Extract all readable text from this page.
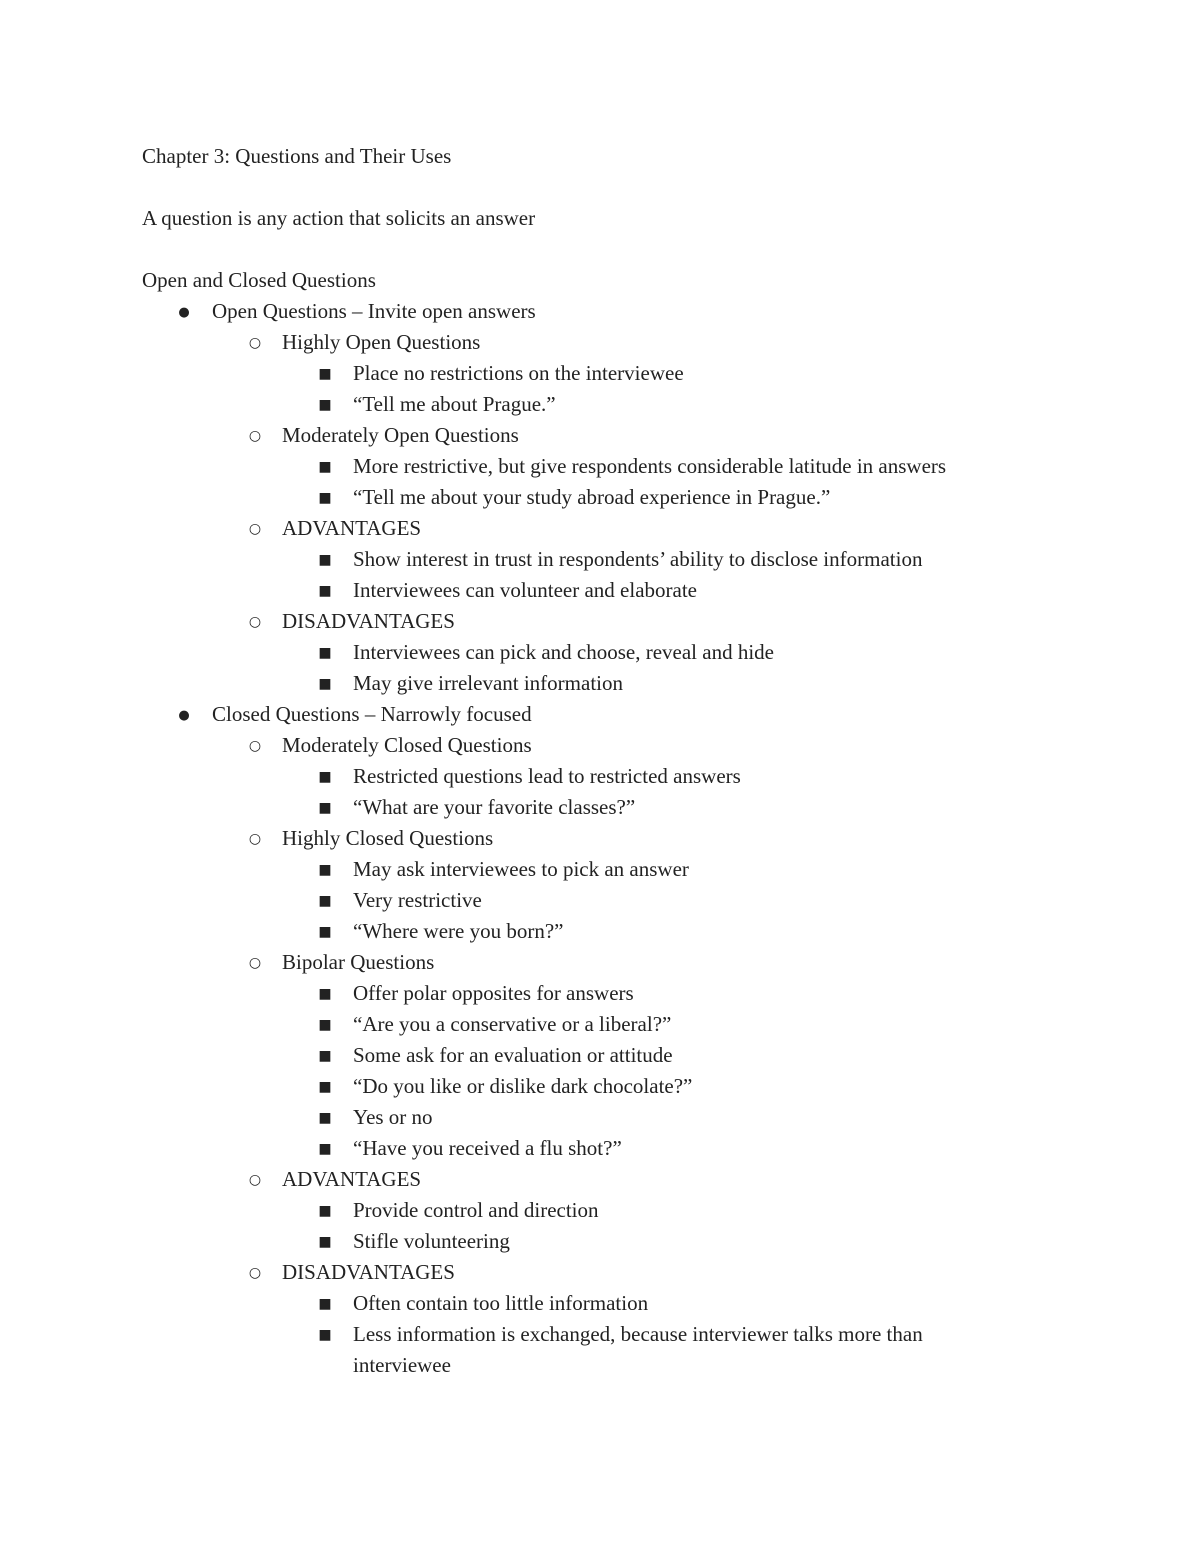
Chapter 3: Questions and Their Uses
A question is any action that solicits an answer
Open and Closed Questions
●
Open Questions – Invite open answers
○
Highly Open Questions
■
Place no restrictions on the interviewee
■
“Tell me about Prague.”
○
Moderately Open Questions
■
More restrictive, but give respondents considerable latitude in answers
■
“Tell me about your study abroad experience in Prague.”
○
ADVANTAGES
■
Show interest in trust in respondents’ ability to disclose information
■
Interviewees can volunteer and elaborate
○
DISADVANTAGES
■
Interviewees can pick and choose, reveal and hide
■
May give irrelevant information
●
Closed Questions – Narrowly focused
○
Moderately Closed Questions
■
Restricted questions lead to restricted answers
■
“What are your favorite classes?”
○
Highly Closed Questions
■
May ask interviewees to pick an answer
■
Very restrictive
■
“Where were you born?”
○
Bipolar Questions
■
Offer polar opposites for answers
■
“Are you a conservative or a liberal?”
■
Some ask for an evaluation or attitude
■
“Do you like or dislike dark chocolate?”
■
Yes or no
■
“Have you received a flu shot?”
○
ADVANTAGES
■
Provide control and direction
■
Stifle volunteering
○
DISADVANTAGES
■
Often contain too little information
■
Less information is exchanged, because interviewer talks more than interviewee
